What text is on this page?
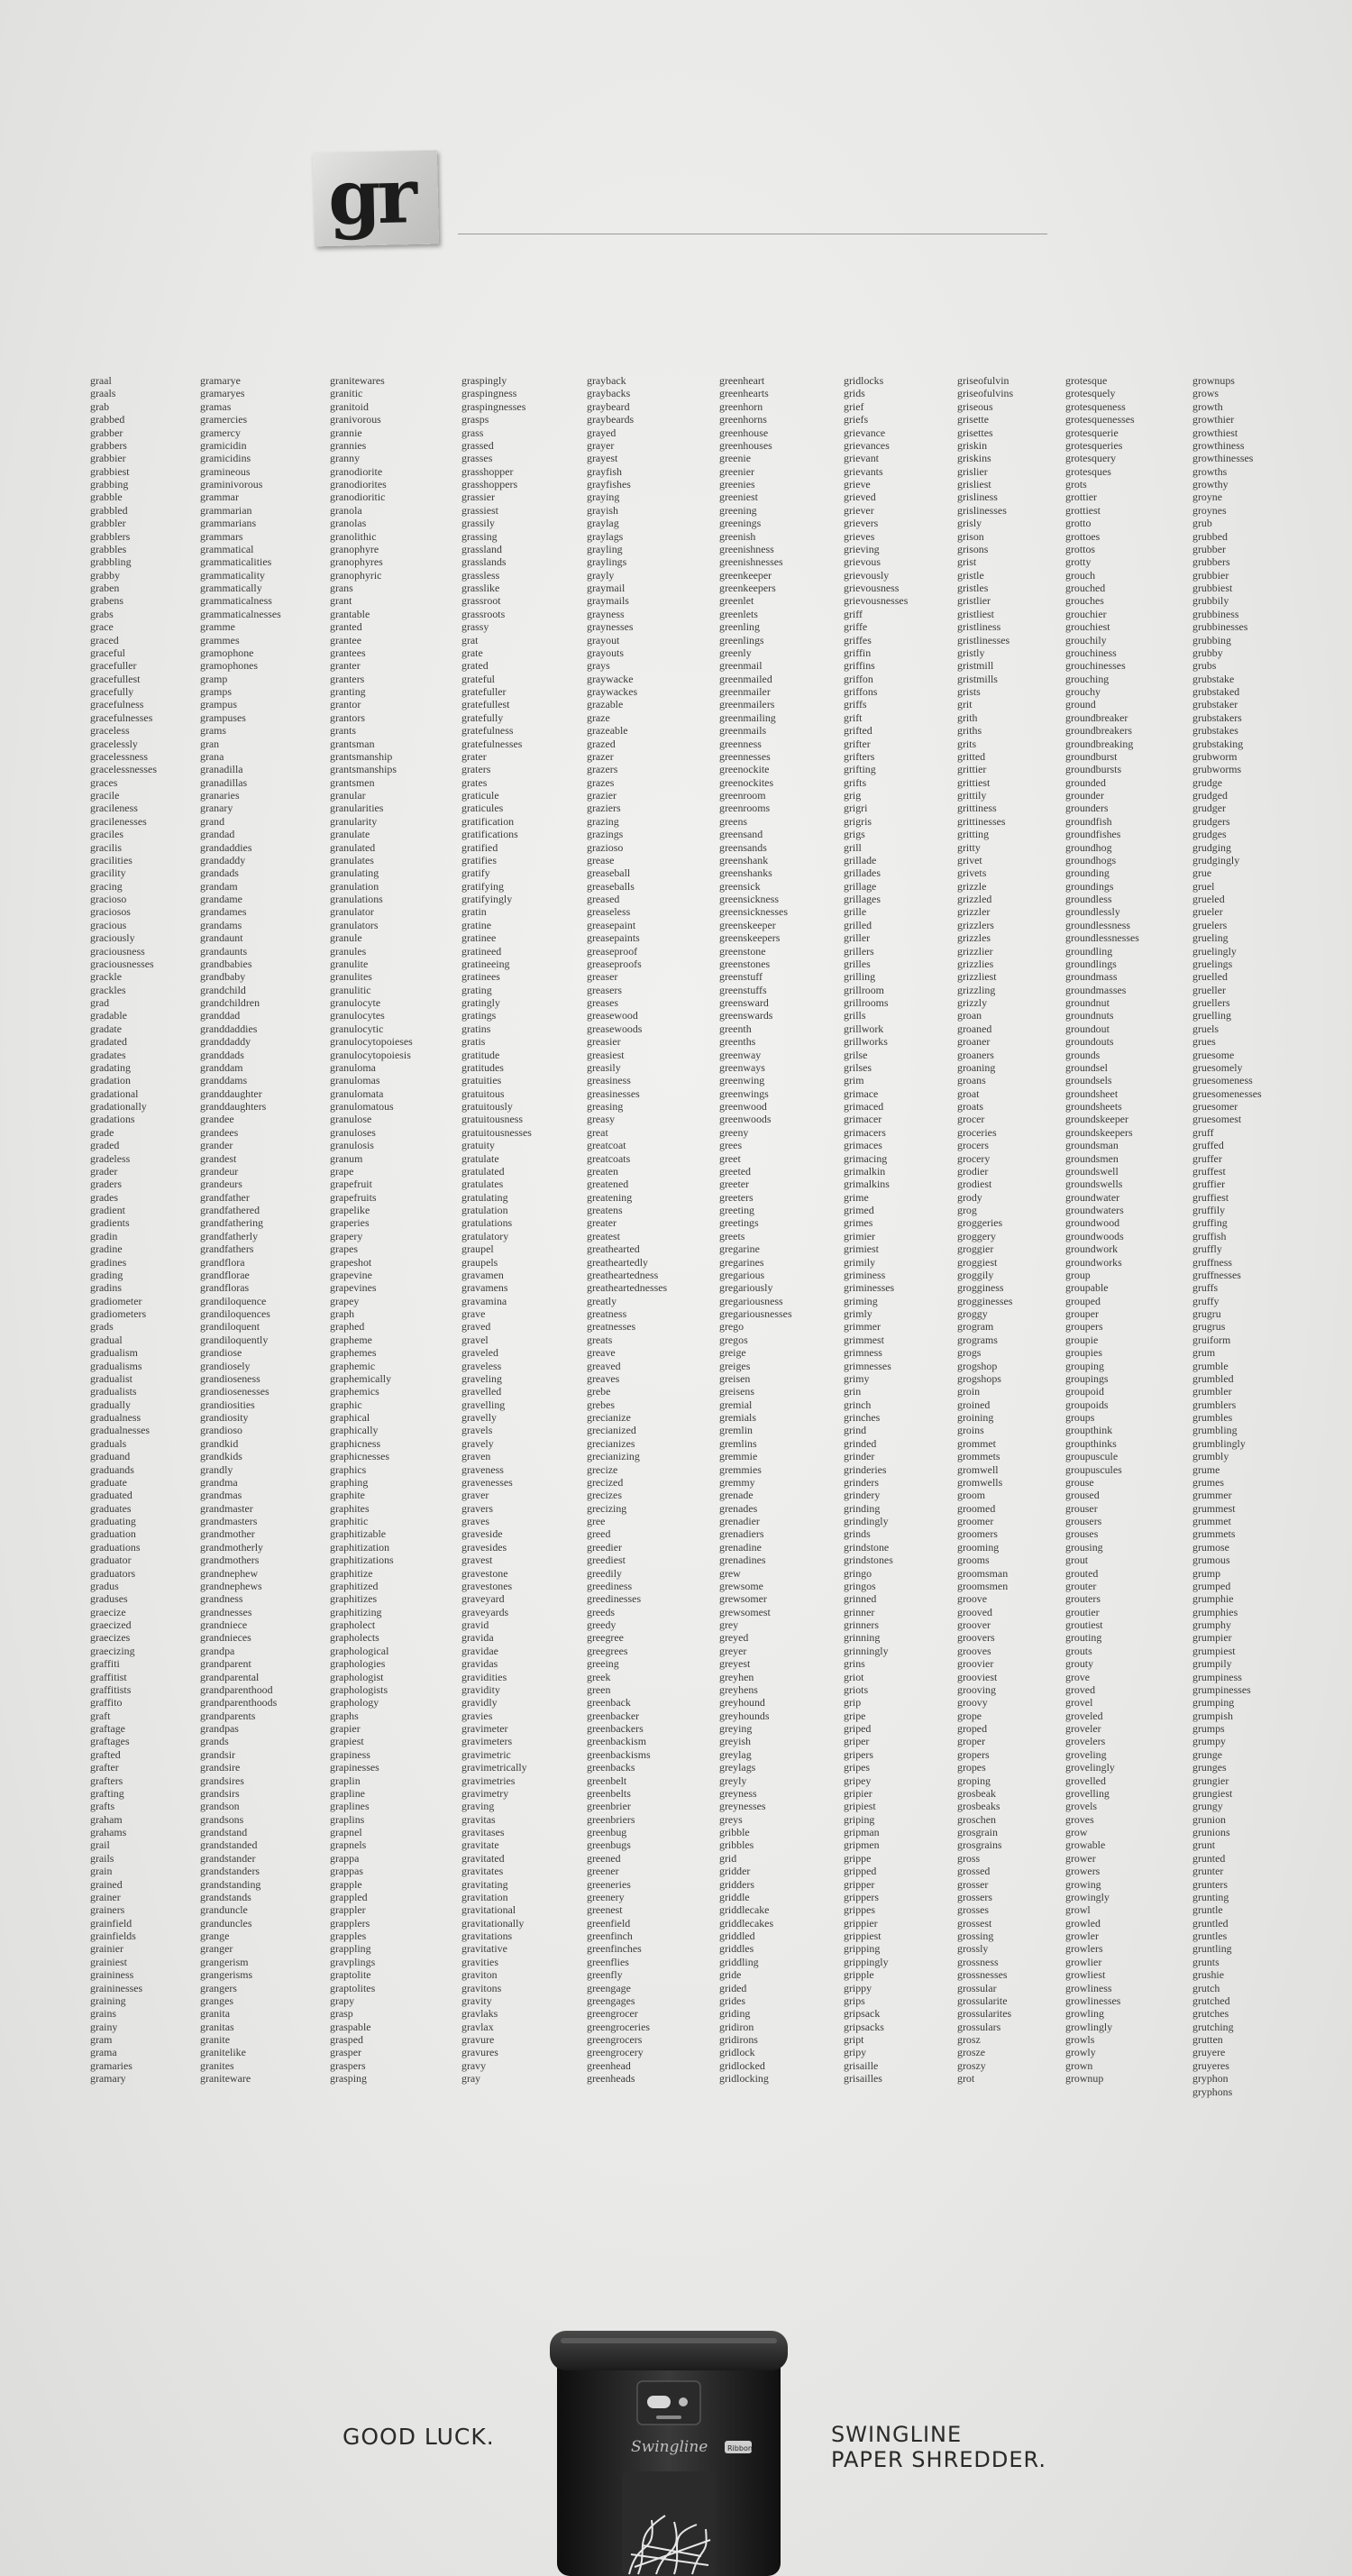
gr
graal
graals
grab
grabbed
grabber
grabbers
grabbier
grabbiest
grabbing
grabble
grabbled
grabbler
grabblers
grabbles
grabbling
grabby
graben
grabens
grabs
grace
graced
graceful
gracefuller
gracefullest
gracefully
gracefulness
gracefulnesses
graceless
gracelessly
gracelessness
gracelessnesses
graces
gracile
gracileness
gracilenesses
graciles
gracilis
gracilities
gracility
gracing
gracioso
graciosos
gracious
graciously
graciousness
graciousnesses
grackle
grackles
grad
gradable
gradate
gradated
gradates
gradating
gradation
gradational
gradationally
gradations
grade
graded
gradeless
grader
graders
grades
gradient
gradients
gradin
gradine
gradines
grading
gradins
gradiometer
gradiometers
grads
gradual
gradualism
gradualisms
gradualist
gradualists
gradually
gradualness
gradualnesses
graduals
graduand
graduands
graduate
graduated
graduates
graduating
graduation
graduations
graduator
graduators
gradus
graduses
graecize
graecized
graecizes
graecizing
graffiti
graffitist
graffitists
graffito
graft
graftage
graftages
grafted
grafter
grafters
grafting
grafts
graham
grahams
grail
grails
grain
grained
grainer
grainers
grainfield
grainfields
grainier
grainiest
graininess
graininesses
graining
grains
grainy
gram
grama
gramaries
gramary
gramarye
gramaryes
gramas
gramercies
gramercy
gramicidin
gramicidins
gramineous
graminivorous
grammar
grammarian
grammarians
grammars
grammatical
grammaticalities
grammaticality
grammatically
grammaticalness
grammaticalnesses
gramme
grammes
gramophone
gramophones
gramp
gramps
grampus
grampuses
grams
gran
grana
granadilla
granadillas
granaries
granary
grand
grandad
grandaddies
grandaddy
grandads
grandam
grandame
grandames
grandams
grandaunt
grandaunts
grandbabies
grandbaby
grandchild
grandchildren
granddad
granddaddies
granddaddy
granddads
granddam
granddams
granddaughter
granddaughters
grandee
grandees
grander
grandest
grandeur
grandeurs
grandfather
grandfathered
grandfathering
grandfatherly
grandfathers
grandflora
grandflorae
grandfloras
grandiloquence
grandiloquences
grandiloquent
grandiloquently
grandiose
grandiosely
grandioseness
grandiosenesses
grandiosities
grandiosity
grandioso
grandkid
grandkids
grandly
grandma
grandmas
grandmaster
grandmasters
grandmother
grandmotherly
grandmothers
grandnephew
grandnephews
grandness
grandnesses
grandniece
grandnieces
grandpa
grandparent
grandparental
grandparenthood
grandparenthoods
grandparents
grandpas
grands
grandsir
grandsire
grandsires
grandsirs
grandson
grandsons
grandstand
grandstanded
grandstander
grandstanders
grandstanding
grandstands
granduncle
granduncles
grange
granger
grangerism
grangerisms
grangers
granges
granita
granitas
granite
granitelike
granites
graniteware
granitewares
granitic
granitoid
granivorous
grannie
grannies
granny
granodiorite
granodiorites
granodioritic
granola
granolas
granolithic
granophyre
granophyres
granophyric
grans
grant
grantable
granted
grantee
grantees
granter
granters
granting
grantor
grantors
grants
grantsman
grantsmanship
grantsmanships
grantsmen
granular
granularities
granularity
granulate
granulated
granulates
granulating
granulation
granulations
granulator
granulators
granule
granules
granulite
granulites
granulitic
granulocyte
granulocytes
granulocytic
granulocytopoieses
granulocytopoiesis
granuloma
granulomas
granulomata
granulomatous
granulose
granuloses
granulosis
granum
grape
grapefruit
grapefruits
grapelike
graperies
grapery
grapes
grapeshot
grapevine
grapevines
grapey
graph
graphed
grapheme
graphemes
graphemic
graphemically
graphemics
graphic
graphical
graphically
graphicness
graphicnesses
graphics
graphing
graphite
graphites
graphitic
graphitizable
graphitization
graphitizations
graphitize
graphitized
graphitizes
graphitizing
grapholect
grapholects
graphological
graphologies
graphologist
graphologists
graphology
graphs
grapier
grapiest
grapiness
grapinesses
graplin
grapline
graplines
graplins
grapnel
grapnels
grappa
grappas
grapple
grappled
grappler
grapplers
grapples
grappling
gravplings
graptolite
graptolites
grapy
grasp
graspable
grasped
grasper
graspers
grasping
graspingly
graspingness
graspingnesses
grasps
grass
grassed
grasses
grasshopper
grasshoppers
grassier
grassiest
grassily
grassing
grassland
grasslands
grassless
grasslike
grassroot
grassroots
grassy
grat
grate
grated
grateful
gratefuller
gratefullest
gratefully
gratefulness
gratefulnesses
grater
graters
grates
graticule
graticules
gratification
gratifications
gratified
gratifies
gratify
gratifying
gratifyingly
gratin
gratine
gratinee
gratineed
gratineeing
gratinees
grating
gratingly
gratings
gratins
gratis
gratitude
gratitudes
gratuities
gratuitous
gratuitously
gratuitousness
gratuitousnesses
gratuity
gratulate
gratulated
gratulates
gratulating
gratulation
gratulations
gratulatory
graupel
graupels
gravamen
gravamens
gravamina
grave
graved
gravel
graveled
graveless
graveling
gravelled
gravelling
gravelly
gravels
gravely
graven
graveness
gravenesses
graver
gravers
graves
graveside
gravesides
gravest
gravestone
gravestones
graveyard
graveyards
gravid
gravida
gravidae
gravidas
gravidities
gravidity
gravidly
gravies
gravimeter
gravimeters
gravimetric
gravimetrically
gravimetries
gravimetry
graving
gravitas
gravitases
gravitate
gravitated
gravitates
gravitating
gravitation
gravitational
gravitationally
gravitations
gravitative
gravities
graviton
gravitons
gravity
gravlaks
gravlax
gravure
gravures
gravy
gray
grayback
graybacks
graybeard
graybeards
grayed
grayer
grayest
grayfish
grayfishes
graying
grayish
graylag
graylags
grayling
graylings
grayly
graymail
graymails
grayness
graynesses
grayout
grayouts
grays
graywacke
graywackes
grazable
graze
grazeable
grazed
grazer
grazers
grazes
grazier
graziers
grazing
grazings
grazioso
grease
greaseball
greaseballs
greased
greaseless
greasepaint
greasepaints
greaseproof
greaseproofs
greaser
greasers
greases
greasewood
greasewoods
greasier
greasiest
greasily
greasiness
greasinesses
greasing
greasy
great
greatcoat
greatcoats
greaten
greatened
greatening
greatens
greater
greatest
greathearted
greatheartedly
greatheartedness
greatheartednesses
greatly
greatness
greatnesses
greats
greave
greaved
greaves
grebe
grebes
grecianize
grecianized
grecianizes
grecianizing
grecize
grecized
grecizes
grecizing
gree
greed
greedier
greediest
greedily
greediness
greedinesses
greeds
greedy
greegree
greegrees
greeing
greek
green
greenback
greenbacker
greenbackers
greenbackism
greenbackisms
greenbacks
greenbelt
greenbelts
greenbrier
greenbriers
greenbug
greenbugs
greened
greener
greeneries
greenery
greenest
greenfield
greenfinch
greenfinches
greenflies
greenfly
greengage
greengages
greengrocer
greengroceries
greengrocers
greengrocery
greenhead
greenheads
greenheart
greenhearts
greenhorn
greenhorns
greenhouse
greenhouses
greenie
greenier
greenies
greeniest
greening
greenings
greenish
greenishness
greenishnesses
greenkeeper
greenkeepers
greenlet
greenlets
greenling
greenlings
greenly
greenmail
greenmailed
greenmailer
greenmailers
greenmailing
greenmails
greenness
greennesses
greenockite
greenockites
greenroom
greenrooms
greens
greensand
greensands
greenshank
greenshanks
greensick
greensickness
greensicknesses
greenskeeper
greenskeepers
greenstone
greenstones
greenstuff
greenstuffs
greensward
greenswards
greenth
greenths
greenway
greenways
greenwing
greenwings
greenwood
greenwoods
greeny
grees
greet
greeted
greeter
greeters
greeting
greetings
greets
gregarine
gregarines
gregarious
gregariously
gregariousness
gregariousnesses
grego
gregos
greige
greiges
greisen
greisens
gremial
gremials
gremlin
gremlins
gremmie
gremmies
gremmy
grenade
grenades
grenadier
grenadiers
grenadine
grenadines
grew
grewsome
grewsomer
grewsomest
grey
greyed
greyer
greyest
greyhen
greyhens
greyhound
greyhounds
greying
greyish
greylag
greylags
greyly
greyness
greynesses
greys
gribble
gribbles
grid
gridder
gridders
griddle
griddlecake
griddlecakes
griddled
griddles
griddling
gride
grided
grides
griding
gridiron
gridirons
gridlock
gridlocked
gridlocking
gridlocks
grids
grief
griefs
grievance
grievances
grievant
grievants
grieve
grieved
griever
grievers
grieves
grieving
grievous
grievously
grievousness
grievousnesses
griff
griffe
griffes
griffin
griffins
griffon
griffons
griffs
grift
grifted
grifter
grifters
grifting
grifts
grig
grigri
grigris
grigs
grill
grillade
grillades
grillage
grillages
grille
grilled
griller
grillers
grilles
grilling
grillroom
grillrooms
grills
grillwork
grillworks
grilse
grilses
grim
grimace
grimaced
grimacer
grimacers
grimaces
grimacing
grimalkin
grimalkins
grime
grimed
grimes
grimier
grimiest
grimily
griminess
griminesses
griming
grimly
grimmer
grimmest
grimness
grimnesses
grimy
grin
grinch
grinches
grind
grinded
grinder
grinderies
grinders
grindery
grinding
grindingly
grinds
grindstone
grindstones
gringo
gringos
grinned
grinner
grinners
grinning
grinningly
grins
griot
griots
grip
gripe
griped
griper
gripers
gripes
gripey
gripier
gripiest
griping
gripman
gripmen
grippe
gripped
gripper
grippers
grippes
grippier
grippiest
gripping
grippingly
gripple
grippy
grips
gripsack
gripsacks
gript
gripy
grisaille
grisailles
griseofulvin
griseofulvins
griseous
grisette
grisettes
griskin
griskins
grislier
grisliest
grisliness
grislinesses
grisly
grison
grisons
grist
gristle
gristles
gristlier
gristliest
gristliness
gristlinesses
gristly
gristmill
gristmills
grists
grit
grith
griths
grits
gritted
grittier
grittiest
grittily
grittiness
grittinesses
gritting
gritty
grivet
grivets
grizzle
grizzled
grizzler
grizzlers
grizzles
grizzlier
grizzlies
grizzliest
grizzling
grizzly
groan
groaned
groaner
groaners
groaning
groans
groat
groats
grocer
groceries
grocers
grocery
grodier
grodiest
grody
grog
groggeries
groggery
groggier
groggiest
groggily
grogginess
grogginesses
groggy
grogram
grograms
grogs
grogshop
grogshops
groin
groined
groining
groins
grommet
grommets
gromwell
gromwells
groom
groomed
groomer
groomers
grooming
grooms
groomsman
groomsmen
groove
grooved
groover
groovers
grooves
groovier
grooviest
grooving
groovy
grope
groped
groper
gropers
gropes
groping
grosbeak
grosbeaks
groschen
grosgrain
grosgrains
gross
grossed
grosser
grossers
grosses
grossest
grossing
grossly
grossness
grossnesses
grossular
grossularite
grossularites
grossulars
grosz
grosze
groszy
grot
grotesque
grotesquely
grotesqueness
grotesquenesses
grotesquerie
grotesqueries
grotesquery
grotesques
grots
grottier
grottiest
grotto
grottoes
grottos
grotty
grouch
grouched
grouches
grouchier
grouchiest
grouchily
grouchiness
grouchinesses
grouching
grouchy
ground
groundbreaker
groundbreakers
groundbreaking
groundburst
groundbursts
grounded
grounder
grounders
groundfish
groundfishes
groundhog
groundhogs
grounding
groundings
groundless
groundlessly
groundlessness
groundlessnesses
groundling
groundlings
groundmass
groundmasses
groundnut
groundnuts
groundout
groundouts
grounds
groundsel
groundsels
groundsheet
groundsheets
groundskeeper
groundskeepers
groundsman
groundsmen
groundswell
groundswells
groundwater
groundwaters
groundwood
groundwoods
groundwork
groundworks
group
groupable
grouped
grouper
groupers
groupie
groupies
grouping
groupings
groupoid
groupoids
groups
groupthink
groupthinks
groupuscule
groupuscules
grouse
groused
grouser
grousers
grouses
grousing
grout
grouted
grouter
grouters
groutier
groutiest
grouting
grouts
grouty
grove
groved
grovel
groveled
groveler
grovelers
groveling
grovelingly
grovelled
grovelling
grovels
groves
grow
growable
grower
growers
growing
growingly
growl
growled
growler
growlers
growlier
growliest
growliness
growlinesses
growling
growlingly
growls
growly
grown
grownup
grownups
grows
growth
growthier
growthiest
growthiness
growthinesses
growths
growthy
groyne
groynes
grub
grubbed
grubber
grubbers
grubbier
grubbiest
grubbily
grubbiness
grubbinesses
grubbing
grubby
grubs
grubstake
grubstaked
grubstaker
grubstakers
grubstakes
grubstaking
grubworm
grubworms
grudge
grudged
grudger
grudgers
grudges
grudging
grudgingly
grue
gruel
grueled
grueler
gruelers
grueling
gruelingly
gruelings
gruelled
grueller
gruellers
gruelling
gruels
grues
gruesome
gruesomely
gruesomeness
gruesomenesses
gruesomer
gruesomest
gruff
gruffed
gruffer
gruffest
gruffier
gruffiest
gruffily
gruffing
gruffish
gruffly
gruffness
gruffnesses
gruffs
gruffy
grugru
grugrus
gruiform
grum
grumble
grumbled
grumbler
grumblers
grumbles
grumbling
grumblingly
grumbly
grume
grumes
grummer
grummest
grummet
grummets
grumose
grumous
grump
grumped
grumphie
grumphies
grumphy
grumpier
grumpiest
grumpily
grumpiness
grumpinesses
grumping
grumpish
grumps
grumpy
grunge
grunges
grungier
grungiest
grungy
grunion
grunions
grunt
grunted
grunter
grunters
grunting
gruntle
gruntled
gruntles
gruntling
grunts
grushie
grutch
grutched
grutches
grutching
grutten
gruyere
gruyeres
gryphon
gryphons
GOOD LUCK.	Swingline	Ribbon
SWINGLINE
PAPER SHREDDER.
